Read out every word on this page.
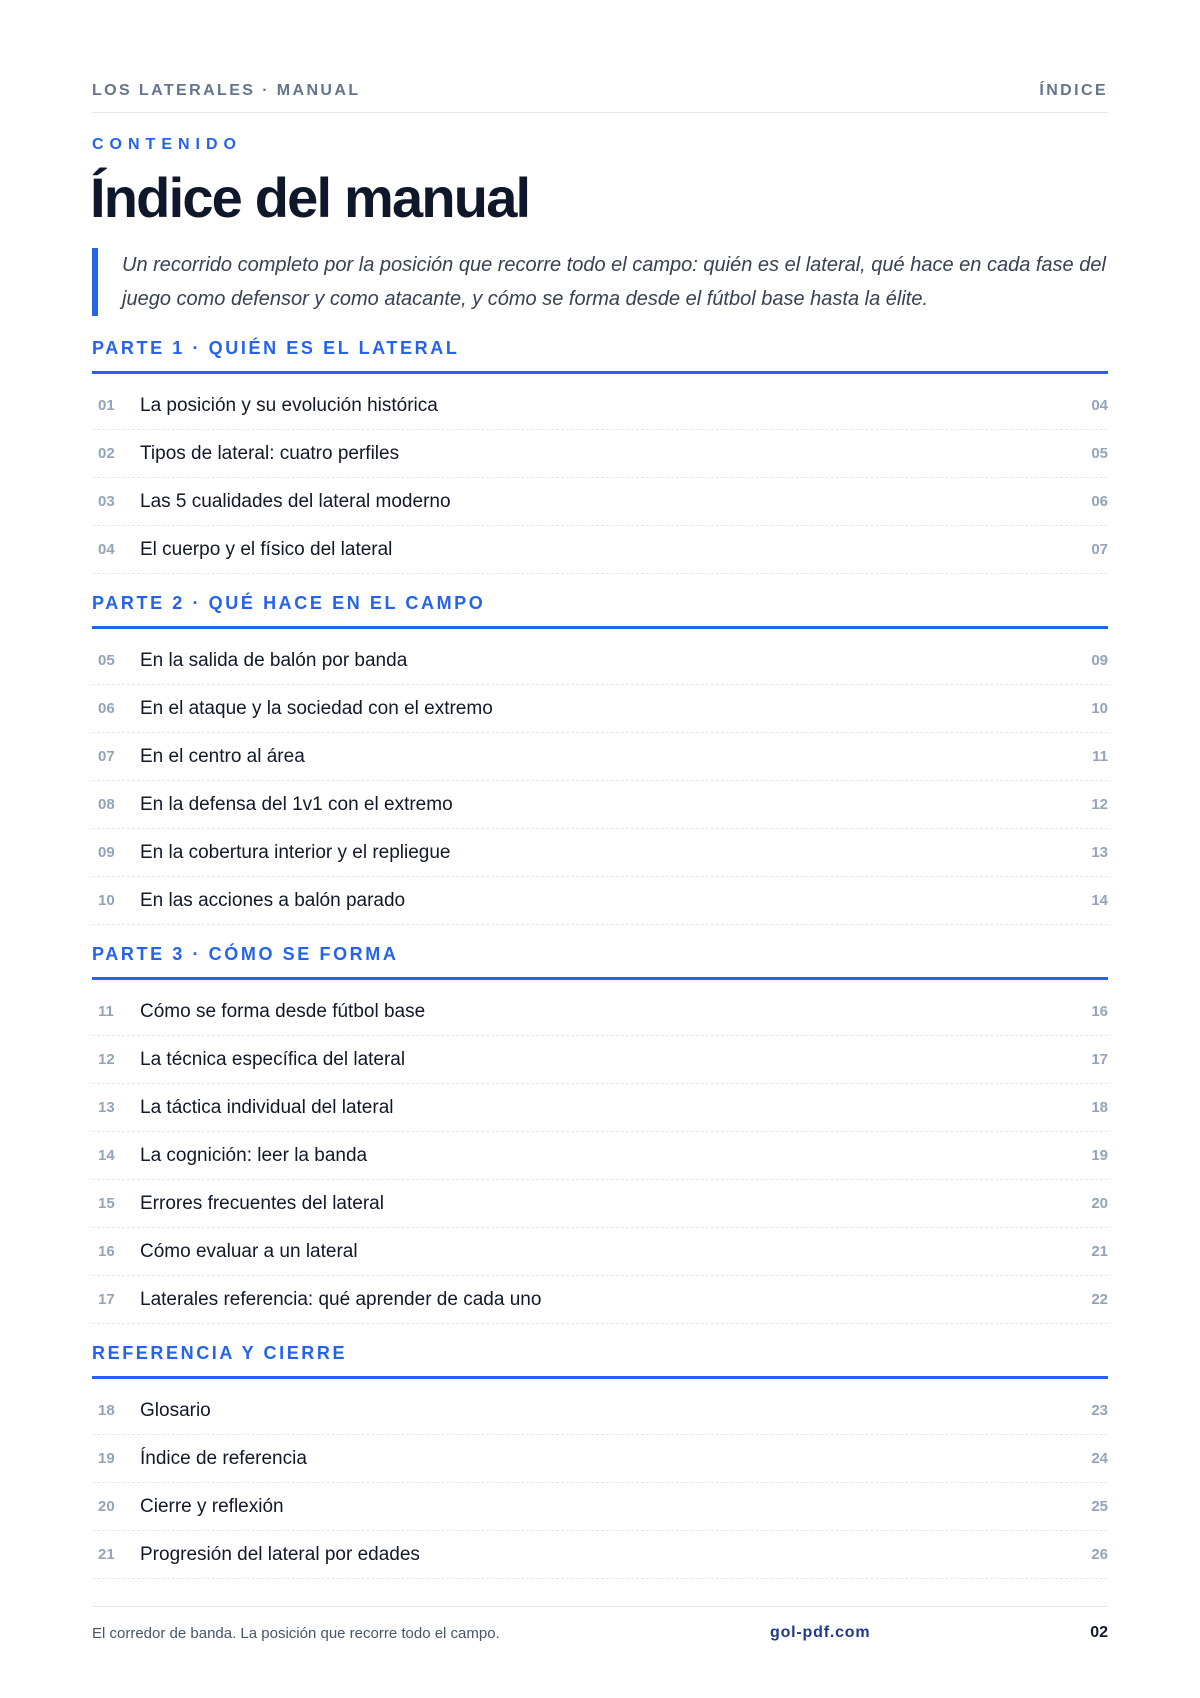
LOS LATERALES · MANUAL	ÍNDICE
CONTENIDO
Índice del manual
Un recorrido completo por la posición que recorre todo el campo: quién es el lateral, qué hace en cada fase del juego como defensor y como atacante, y cómo se forma desde el fútbol base hasta la élite.
PARTE 1 · QUIÉN ES EL LATERAL
01	La posición y su evolución histórica	04
02	Tipos de lateral: cuatro perfiles	05
03	Las 5 cualidades del lateral moderno	06
04	El cuerpo y el físico del lateral	07
PARTE 2 · QUÉ HACE EN EL CAMPO
05	En la salida de balón por banda	09
06	En el ataque y la sociedad con el extremo	10
07	En el centro al área	11
08	En la defensa del 1v1 con el extremo	12
09	En la cobertura interior y el repliegue	13
10	En las acciones a balón parado	14
PARTE 3 · CÓMO SE FORMA
11	Cómo se forma desde fútbol base	16
12	La técnica específica del lateral	17
13	La táctica individual del lateral	18
14	La cognición: leer la banda	19
15	Errores frecuentes del lateral	20
16	Cómo evaluar a un lateral	21
17	Laterales referencia: qué aprender de cada uno	22
REFERENCIA Y CIERRE
18	Glosario	23
19	Índice de referencia	24
20	Cierre y reflexión	25
21	Progresión del lateral por edades	26
El corredor de banda. La posición que recorre todo el campo.	gol-pdf.com	02
